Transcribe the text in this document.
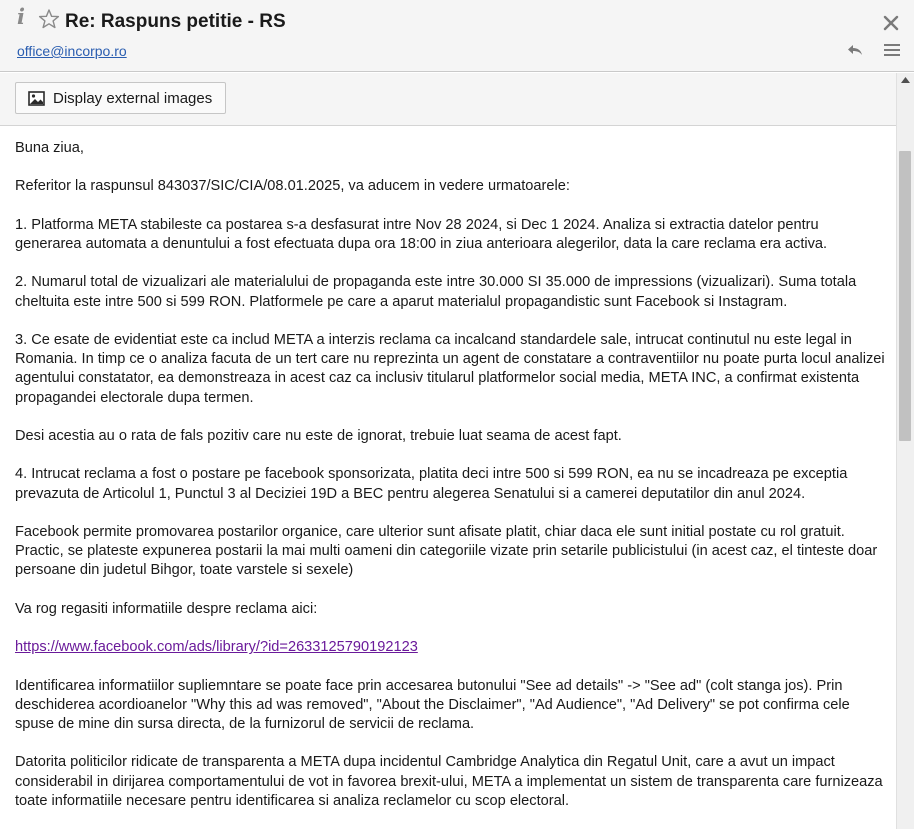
i	Re: Raspuns petitie - RS
office@incorpo.ro
Display external images

Buna ziua,

Referitor la raspunsul 843037/SIC/CIA/08.01.2025, va aducem in vedere urmatoarele:

1. Platforma META stabileste ca postarea s-a desfasurat intre Nov 28 2024, si Dec 1 2024. Analiza si extractia datelor pentru generarea automata a denuntului a fost efectuata dupa ora 18:00 in ziua anterioara alegerilor, data la care reclama era activa.

2. Numarul total de vizualizari ale materialului de propaganda este intre 30.000 SI 35.000 de impressions (vizualizari). Suma totala cheltuita este intre 500 si 599 RON. Platformele pe care a aparut materialul propagandistic sunt Facebook si Instagram.

3. Ce esate de evidentiat este ca includ META a interzis reclama ca incalcand standardele sale, intrucat continutul nu este legal in Romania. In timp ce o analiza facuta de un tert care nu reprezinta un agent de constatare a contraventiilor nu poate purta locul analizei agentului constatator, ea demonstreaza in acest caz ca inclusiv titularul platformelor social media, META INC, a confirmat existenta propagandei electorale dupa termen.

Desi acestia au o rata de fals pozitiv care nu este de ignorat, trebuie luat seama de acest fapt.

4. Intrucat reclama a fost o postare pe facebook sponsorizata, platita deci intre 500 si 599 RON, ea nu se incadreaza pe exceptia prevazuta de Articolul 1, Punctul 3 al Deciziei 19D a BEC pentru alegerea Senatului si a camerei deputatilor din anul 2024.

Facebook permite promovarea postarilor organice, care ulterior sunt afisate platit, chiar daca ele sunt initial postate cu rol gratuit. Practic, se plateste expunerea postarii la mai multi oameni din categoriile vizate prin setarile publicistului (in acest caz, el tinteste doar persoane din judetul Bihgor, toate varstele si sexele)

Va rog regasiti informatiile despre reclama aici:

https://www.facebook.com/ads/library/?id=2633125790192123

Identificarea informatiilor supliemntare se poate face prin accesarea butonului "See ad details" -> "See ad" (colt stanga jos). Prin deschiderea acordioanelor "Why this ad was removed", "About the Disclaimer", "Ad Audience", "Ad Delivery" se pot confirma cele spuse de mine din sursa directa, de la furnizorul de servicii de reclama.

Datorita politicilor ridicate de transparenta a META dupa incidentul Cambridge Analytica din Regatul Unit, care a avut un impact considerabil in dirijarea comportamentului de vot in favorea brexit-ului, META a implementat un sistem de transparenta care furnizeaza toate informatiile necesare pentru identificarea si analiza reclamelor cu scop electoral.
